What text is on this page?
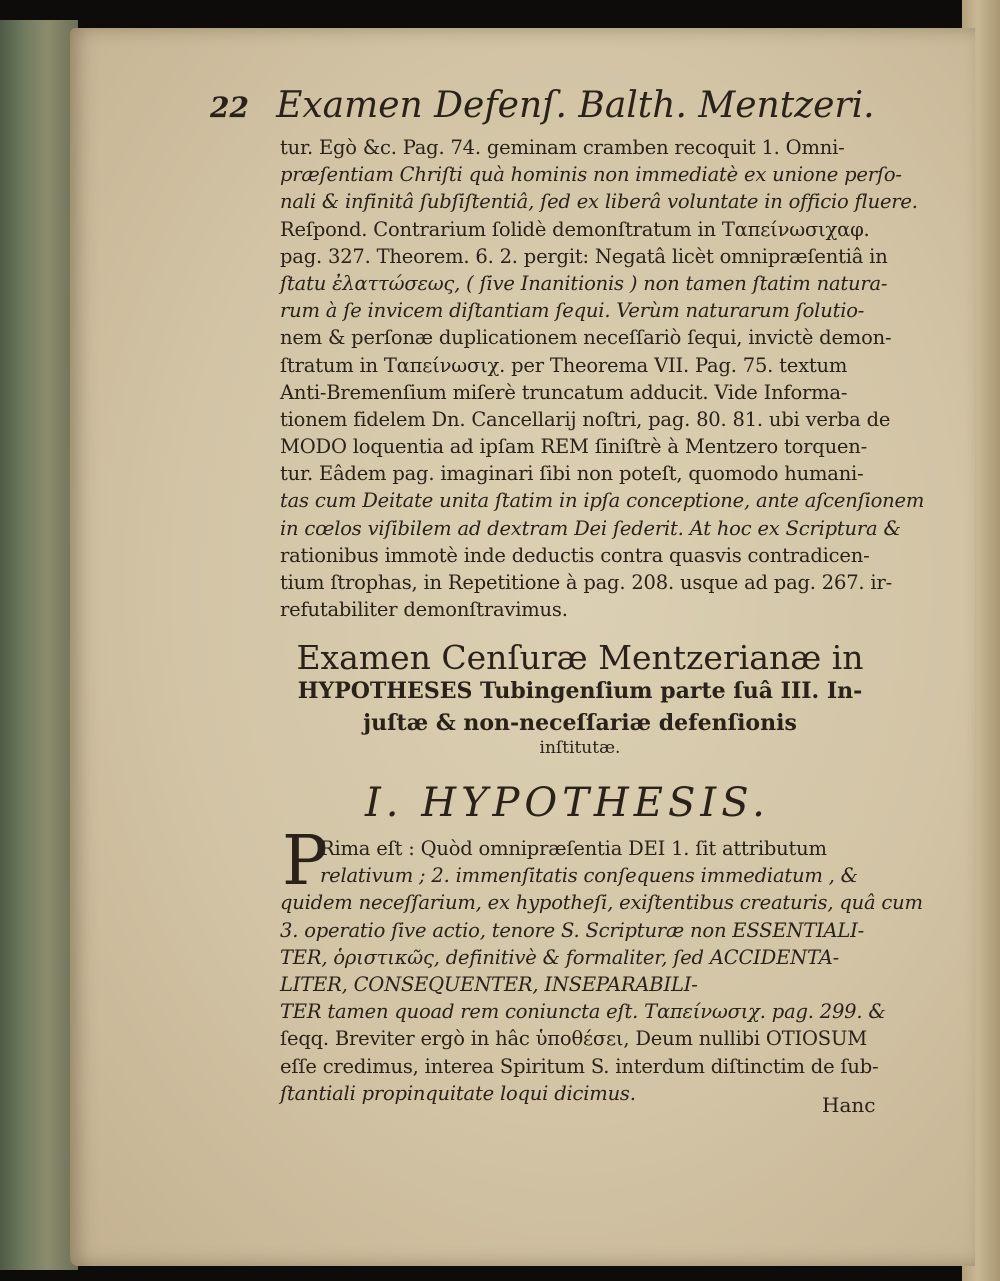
22 Examen Defenſ. Balth. Mentzeri.
tur. Egò &c. Pag. 74. geminam cramben recoquit 1. Omni-
præſentiam Chriſti quà hominis non immediatè ex unione perſo-
nali & infinitâ ſubſiſtentiâ, ſed ex liberâ voluntate in officio fluere.
Reſpond. Contrarium ſolidè demonſtratum in Ταπείνωσιχαφ.
pag. 327. Theorem. 6. 2. pergit: Negatâ licèt omnipræſentiâ in
ſtatu ἐλαττώσεως, ( ſive Inanitionis ) non tamen ſtatim natura-
rum à ſe invicem diſtantiam ſequi. Verùm naturarum ſolutio-
nem & perſonæ duplicationem neceſſariò ſequi, invictè demon-
ſtratum in Ταπείνωσιχ. per Theorema VII. Pag. 75. textum
Anti-Bremenſium miſerè truncatum adducit. Vide Informa-
tionem fidelem Dn. Cancellarij noſtri, pag. 80. 81. ubi verba de
MODO loquentia ad ipſam REM ſiniſtrè à Mentzero torquen-
tur. Eâdem pag. imaginari ſibi non poteſt, quomodo humani-
tas cum Deitate unita ſtatim in ipſa conceptione, ante aſcenſionem
in cœlos viſibilem ad dextram Dei ſederit. At hoc ex Scriptura &
rationibus immotè inde deductis contra quasvis contradicen-
tium ſtrophas, in Repetitione à pag. 208. usque ad pag. 267. ir-
refutabiliter demonſtravimus.
Examen Cenſuræ Mentzerianæ in
HYPOTHESES Tubingenſium parte ſuâ III. In-
juſtæ & non-neceſſariæ defenſionis
inſtitutæ.
I. HYPOTHESIS.
P
Rima eſt : Quòd omnipræſentia DEI 1. ſit attributum
relativum ; 2. immenſitatis conſequens immediatum , &
quidem neceſſarium, ex hypotheſi, exiſtentibus creaturis, quâ cum
3. operatio ſive actio, tenore S. Scripturæ non ESSENTIALI-
TER, ὁριστικῶς, definitivè & formaliter, ſed ACCIDENTA-
LITER, CONSEQUENTER, INSEPARABILI-
TER tamen quoad rem coniuncta eſt. Ταπείνωσιχ. pag. 299. &
ſeqq. Breviter ergò in hâc ὑποθέσει, Deum nullibi OTIOSUM
eſſe credimus, interea Spiritum S. interdum diſtinctim de ſub-
ſtantiali propinquitate loqui dicimus.	Hanc
